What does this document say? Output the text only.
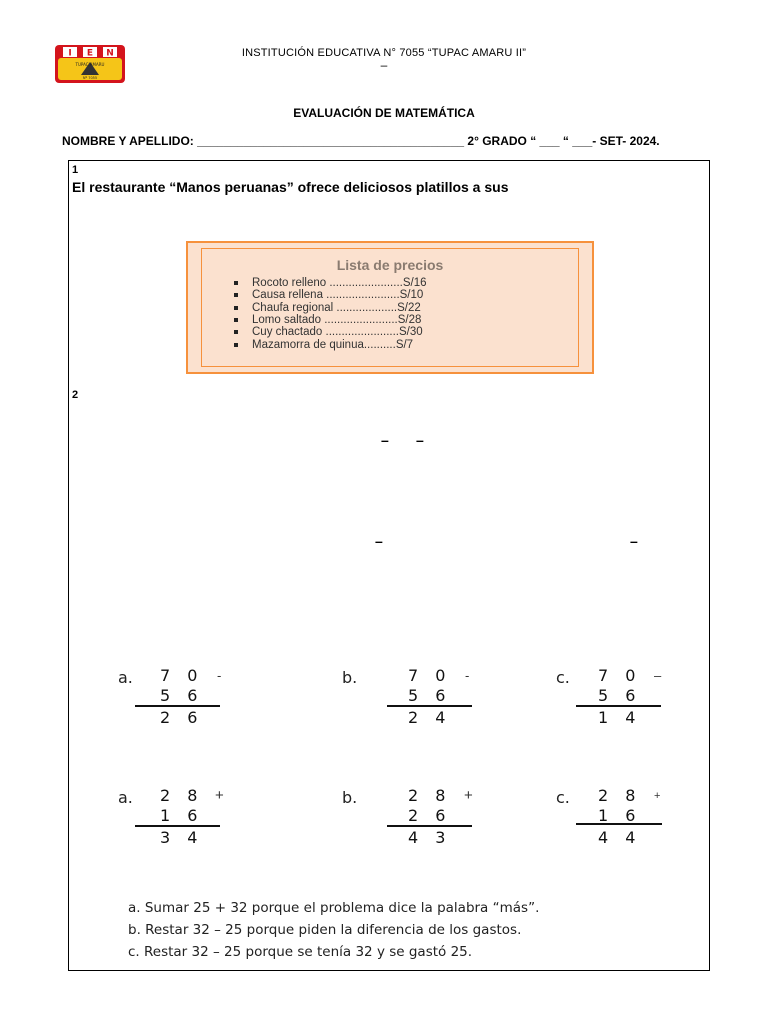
I E N
TUPAC AMARU
Nº 7055
INSTITUCIÓN EDUCATIVA N° 7055 “TUPAC AMARU II”
–
EVALUACIÓN DE MATEMÁTICA
NOMBRE Y APELLIDO: ________________________________________ 2° GRADO “ ___ “ ___- SET- 2024.
1
El restaurante “Manos peruanas” ofrece deliciosos platillos a sus
Lista de precios
Rocoto relleno .......................S/16
Causa rellena .......................S/10
Chaufa regional ...................S/22
Lomo saltado .......................S/28
Cuy chactado .......................S/30
Mazamorra de quinua..........S/7
2
– –
–	–
a. 7 0 -
5 6
2 6
b.	7 0 -
5 6
2 4
c. 7 0 –
5 6
1 4
a. 2 8 +
1 6
3 4
b.	2 8 +
2 6
4 3
c. 2 8 +
1 6
4 4
a. Sumar 25 + 32 porque el problema dice la palabra “más”.
b. Restar 32 – 25 porque piden la diferencia de los gastos.
c. Restar 32 – 25 porque se tenía 32 y se gastó 25.
